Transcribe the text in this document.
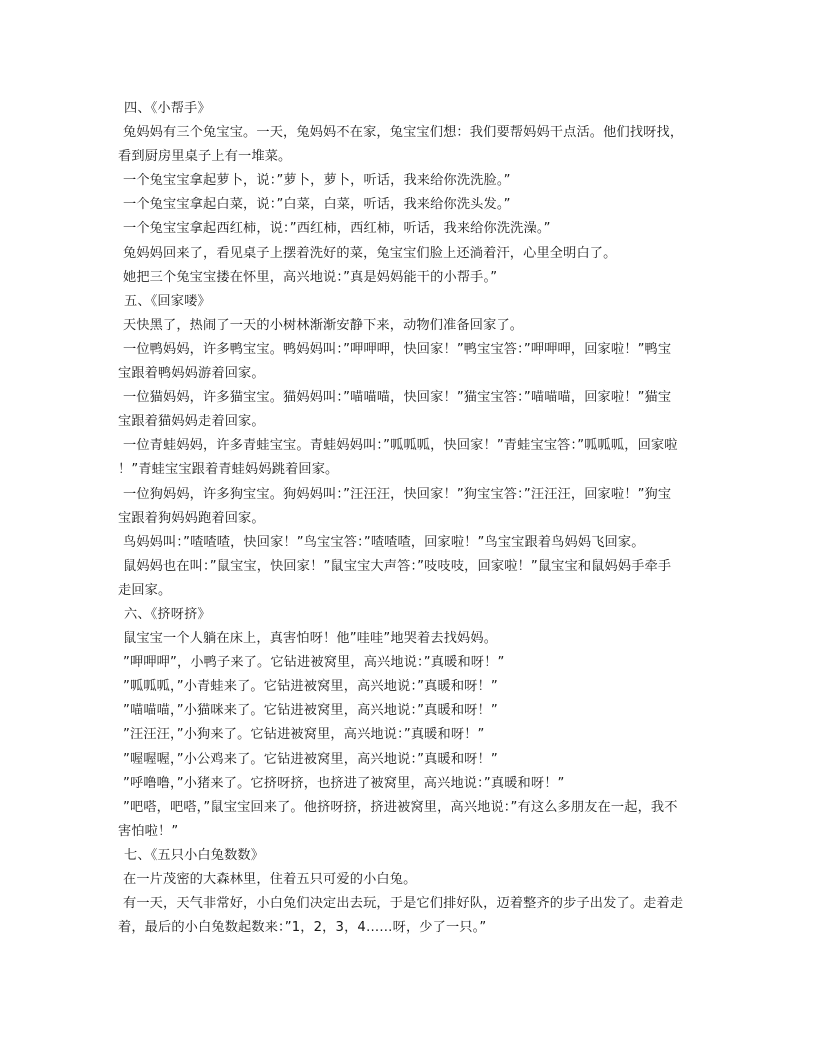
四、《小帮手》
兔妈妈有三个兔宝宝。一天，兔妈妈不在家，兔宝宝们想：我们要帮妈妈干点活。他们找呀找，
看到厨房里桌子上有一堆菜。
一个兔宝宝拿起萝卜，说：”萝卜，萝卜，听话，我来给你洗洗脸。”
一个兔宝宝拿起白菜，说：”白菜，白菜，听话，我来给你洗头发。”
一个兔宝宝拿起西红柿，说：”西红柿，西红柿，听话，我来给你洗洗澡。”
兔妈妈回来了，看见桌子上摆着洗好的菜，兔宝宝们脸上还淌着汗，心里全明白了。
她把三个兔宝宝搂在怀里，高兴地说：”真是妈妈能干的小帮手。”
五、《回家喽》
天快黑了，热闹了一天的小树林渐渐安静下来，动物们准备回家了。
一位鸭妈妈，许多鸭宝宝。鸭妈妈叫：”呷呷呷，快回家！”鸭宝宝答：”呷呷呷，回家啦！”鸭宝
宝跟着鸭妈妈游着回家。
一位猫妈妈，许多猫宝宝。猫妈妈叫：”喵喵喵，快回家！”猫宝宝答：”喵喵喵，回家啦！”猫宝
宝跟着猫妈妈走着回家。
一位青蛙妈妈，许多青蛙宝宝。青蛙妈妈叫：”呱呱呱，快回家！”青蛙宝宝答：”呱呱呱，回家啦
！”青蛙宝宝跟着青蛙妈妈跳着回家。
一位狗妈妈，许多狗宝宝。狗妈妈叫：”汪汪汪，快回家！”狗宝宝答：”汪汪汪，回家啦！”狗宝
宝跟着狗妈妈跑着回家。
鸟妈妈叫：”喳喳喳，快回家！”鸟宝宝答：”喳喳喳，回家啦！”鸟宝宝跟着鸟妈妈飞回家。
鼠妈妈也在叫：”鼠宝宝，快回家！”鼠宝宝大声答：”吱吱吱，回家啦！”鼠宝宝和鼠妈妈手牵手
走回家。
六、《挤呀挤》
鼠宝宝一个人躺在床上，真害怕呀！他”哇哇”地哭着去找妈妈。
”呷呷呷”，小鸭子来了。它钻进被窝里，高兴地说：”真暖和呀！”
”呱呱呱，”小青蛙来了。它钻进被窝里，高兴地说：”真暖和呀！”
”喵喵喵，”小猫咪来了。它钻进被窝里，高兴地说：”真暖和呀！”
”汪汪汪，”小狗来了。它钻进被窝里，高兴地说：”真暖和呀！”
”喔喔喔，”小公鸡来了。它钻进被窝里，高兴地说：”真暖和呀！”
”呼噜噜，”小猪来了。它挤呀挤，也挤进了被窝里，高兴地说：”真暖和呀！”
”吧嗒，吧嗒，”鼠宝宝回来了。他挤呀挤，挤进被窝里，高兴地说：”有这么多朋友在一起，我不
害怕啦！”
七、《五只小白兔数数》
在一片茂密的大森林里，住着五只可爱的小白兔。
有一天，天气非常好，小白兔们决定出去玩，于是它们排好队，迈着整齐的步子出发了。走着走
着，最后的小白兔数起数来：”1，2，3，4……呀，少了一只。”
